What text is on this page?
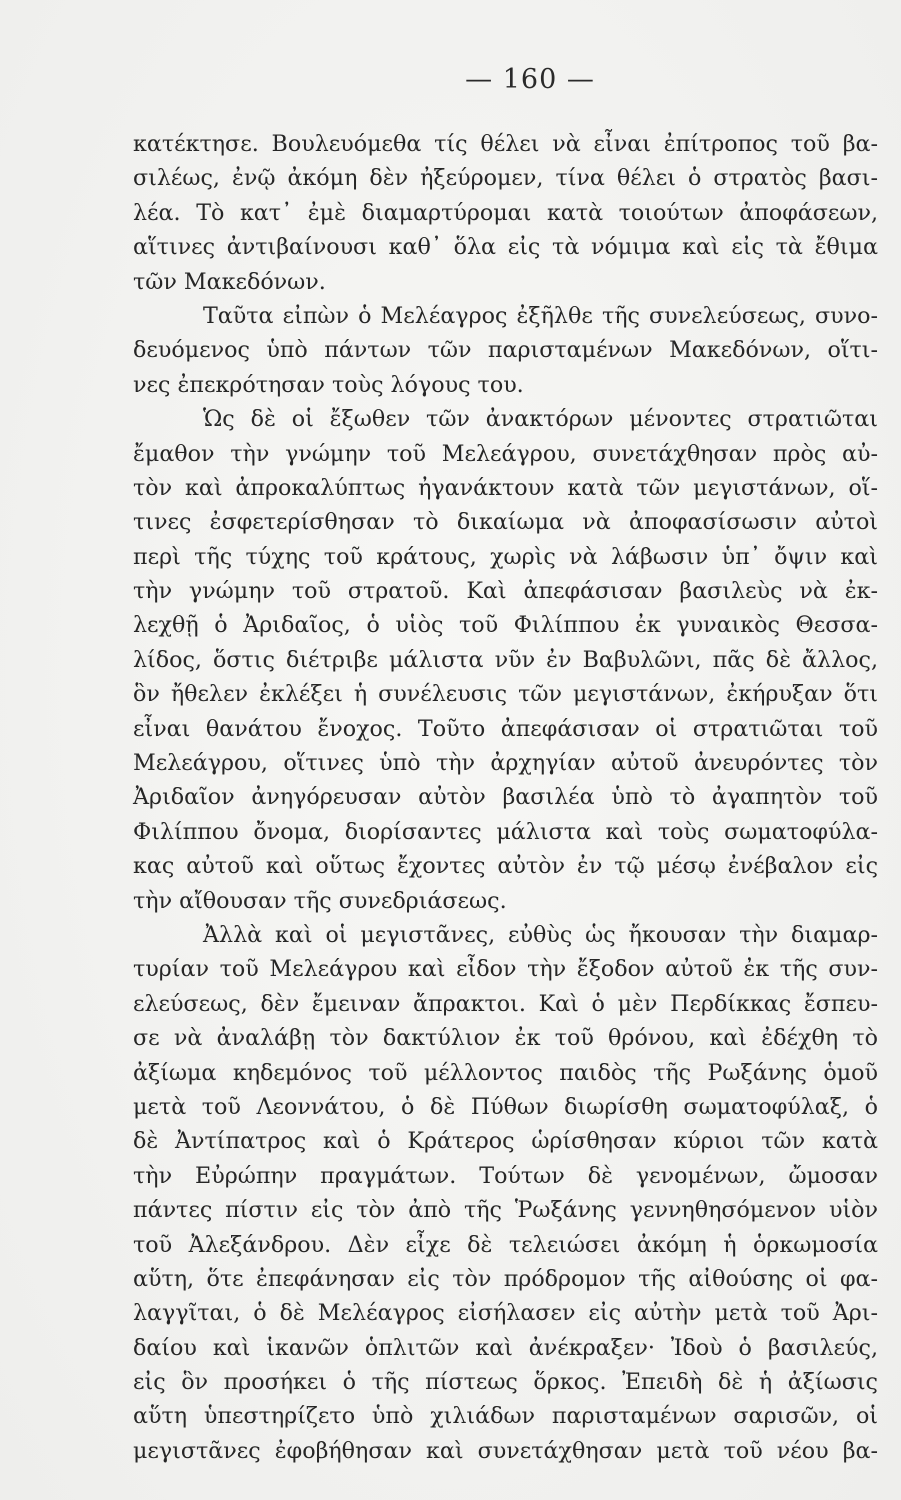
— 160 —
κατέκτησε. Βουλευόμεθα τίς θέλει νὰ εἶναι ἐπίτροπος τοῦ βα-
σιλέως, ἐνῷ ἀκόμη δὲν ἠξεύρομεν, τίνα θέλει ὁ στρατὸς βασι-
λέα. Τὸ κατ᾽ ἐμὲ διαμαρτύρομαι κατὰ τοιούτων ἀποφάσεων,
αἵτινες ἀντιβαίνουσι καθ᾽ ὅλα εἰς τὰ νόμιμα καὶ εἰς τὰ ἔθιμα
τῶν Μακεδόνων.
Ταῦτα εἰπὼν ὁ Μελέαγρος ἐξῆλθε τῆς συνελεύσεως, συνο-
δευόμενος ὑπὸ πάντων τῶν παρισταμένων Μακεδόνων, οἵτι-
νες ἐπεκρότησαν τοὺς λόγους του.
Ὡς δὲ οἱ ἔξωθεν τῶν ἀνακτόρων μένοντες στρατιῶται
ἔμαθον τὴν γνώμην τοῦ Μελεάγρου, συνετάχθησαν πρὸς αὐ-
τὸν καὶ ἀπροκαλύπτως ἠγανάκτουν κατὰ τῶν μεγιστάνων, οἵ-
τινες ἐσφετερίσθησαν τὸ δικαίωμα νὰ ἀποφασίσωσιν αὐτοὶ
περὶ τῆς τύχης τοῦ κράτους, χωρὶς νὰ λάβωσιν ὑπ᾽ ὄψιν καὶ
τὴν γνώμην τοῦ στρατοῦ. Καὶ ἀπεφάσισαν βασιλεὺς νὰ ἐκ-
λεχθῇ ὁ Ἀριδαῖος, ὁ υἱὸς τοῦ Φιλίππου ἐκ γυναικὸς Θεσσα-
λίδος, ὅστις διέτριβε μάλιστα νῦν ἐν Βαβυλῶνι, πᾶς δὲ ἄλλος,
ὃν ἤθελεν ἐκλέξει ἡ συνέλευσις τῶν μεγιστάνων, ἐκήρυξαν ὅτι
εἶναι θανάτου ἔνοχος. Τοῦτο ἀπεφάσισαν οἱ στρατιῶται τοῦ
Μελεάγρου, οἵτινες ὑπὸ τὴν ἀρχηγίαν αὐτοῦ ἀνευρόντες τὸν
Ἀριδαῖον ἀνηγόρευσαν αὐτὸν βασιλέα ὑπὸ τὸ ἀγαπητὸν τοῦ
Φιλίππου ὄνομα, διορίσαντες μάλιστα καὶ τοὺς σωματοφύλα-
κας αὐτοῦ καὶ οὕτως ἔχοντες αὐτὸν ἐν τῷ μέσῳ ἐνέβαλον εἰς
τὴν αἴθουσαν τῆς συνεδριάσεως.
Ἀλλὰ καὶ οἱ μεγιστᾶνες, εὐθὺς ὡς ἤκουσαν τὴν διαμαρ-
τυρίαν τοῦ Μελεάγρου καὶ εἶδον τὴν ἔξοδον αὐτοῦ ἐκ τῆς συν-
ελεύσεως, δὲν ἔμειναν ἄπρακτοι. Καὶ ὁ μὲν Περδίκκας ἔσπευ-
σε νὰ ἀναλάβῃ τὸν δακτύλιον ἐκ τοῦ θρόνου, καὶ ἐδέχθη τὸ
ἀξίωμα κηδεμόνος τοῦ μέλλοντος παιδὸς τῆς Ρωξάνης ὁμοῦ
μετὰ τοῦ Λεοννάτου, ὁ δὲ Πύθων διωρίσθη σωματοφύλαξ, ὁ
δὲ Ἀντίπατρος καὶ ὁ Κράτερος ὡρίσθησαν κύριοι τῶν κατὰ
τὴν Εὐρώπην πραγμάτων. Τούτων δὲ γενομένων, ὤμοσαν
πάντες πίστιν εἰς τὸν ἀπὸ τῆς Ῥωξάνης γεννηθησόμενον υἱὸν
τοῦ Ἀλεξάνδρου. Δὲν εἶχε δὲ τελειώσει ἀκόμη ἡ ὁρκωμοσία
αὕτη, ὅτε ἐπεφάνησαν εἰς τὸν πρόδρομον τῆς αἰθούσης οἱ φα-
λαγγῖται, ὁ δὲ Μελέαγρος εἰσήλασεν εἰς αὐτὴν μετὰ τοῦ Ἀρι-
δαίου καὶ ἱκανῶν ὁπλιτῶν καὶ ἀνέκραξεν· Ἰδοὺ ὁ βασιλεύς,
εἰς ὃν προσήκει ὁ τῆς πίστεως ὅρκος. Ἐπειδὴ δὲ ἡ ἀξίωσις
αὕτη ὑπεστηρίζετο ὑπὸ χιλιάδων παρισταμένων σαρισῶν, οἱ
μεγιστᾶνες ἐφοβήθησαν καὶ συνετάχθησαν μετὰ τοῦ νέου βα-
